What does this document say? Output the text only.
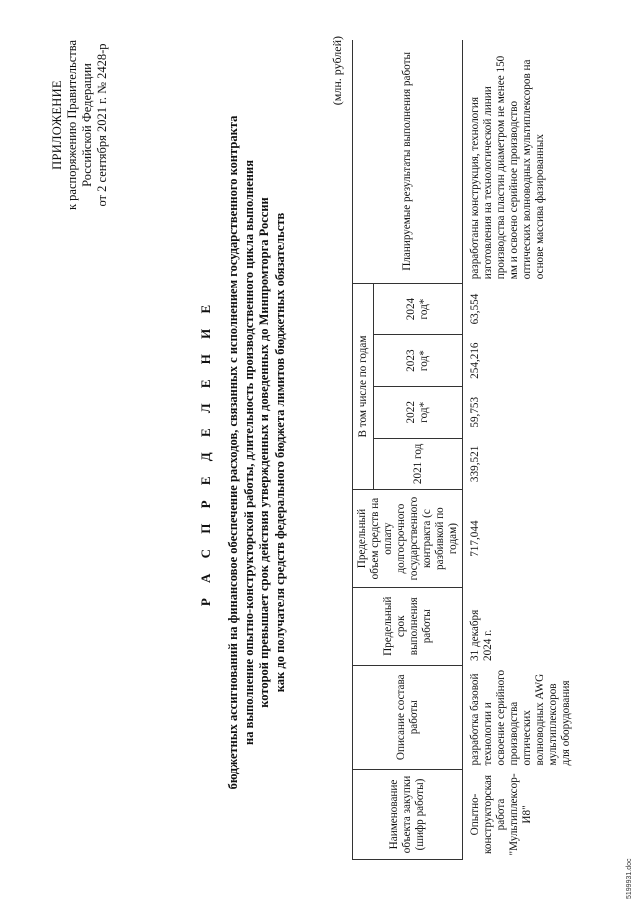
ПРИЛОЖЕНИЕ к распоряжению Правительства Российской Федерации от 2 сентября 2021 г. № 2428-р
Р А С П Р Е Д Е Л Е Н И Е бюджетных ассигнований на финансовое обеспечение расходов, связанных с исполнением государственного контракта на выполнение опытно-конструкторской работы, длительность производственного цикла выполнения которой превышает срок действия утвержденных и доведенных до Минпромторга России как до получателя средств федерального бюджета лимитов бюджетных обязательств
(млн. рублей)
Наименование объекта закупки (шифр работы)	Описание состава работы	Предельный срок выполнения работы	Предельный объем средств на оплату долгосрочного государственного контракта (с разбивкой по годам)	В том числе по годам				Планируемые результаты выполнения работы
				2021 год	2022 год*	2023 год*	2024 год*	
Опытно-конструкторская работа "Мультиплексор-И8"	разработка базовой технологии и освоение серийного производства оптических волноводных AWG мультиплексоров для оборудования	31 декабря 2024 г.	717,044	339,521	59,753	254,216	63,554	разработаны конструкция, технология изготовления на технологической линии производства пластин диаметром не менее 150 мм и освоено серийное производство оптических волноводных мультиплексоров на основе массива фазированных
5199931.doc
